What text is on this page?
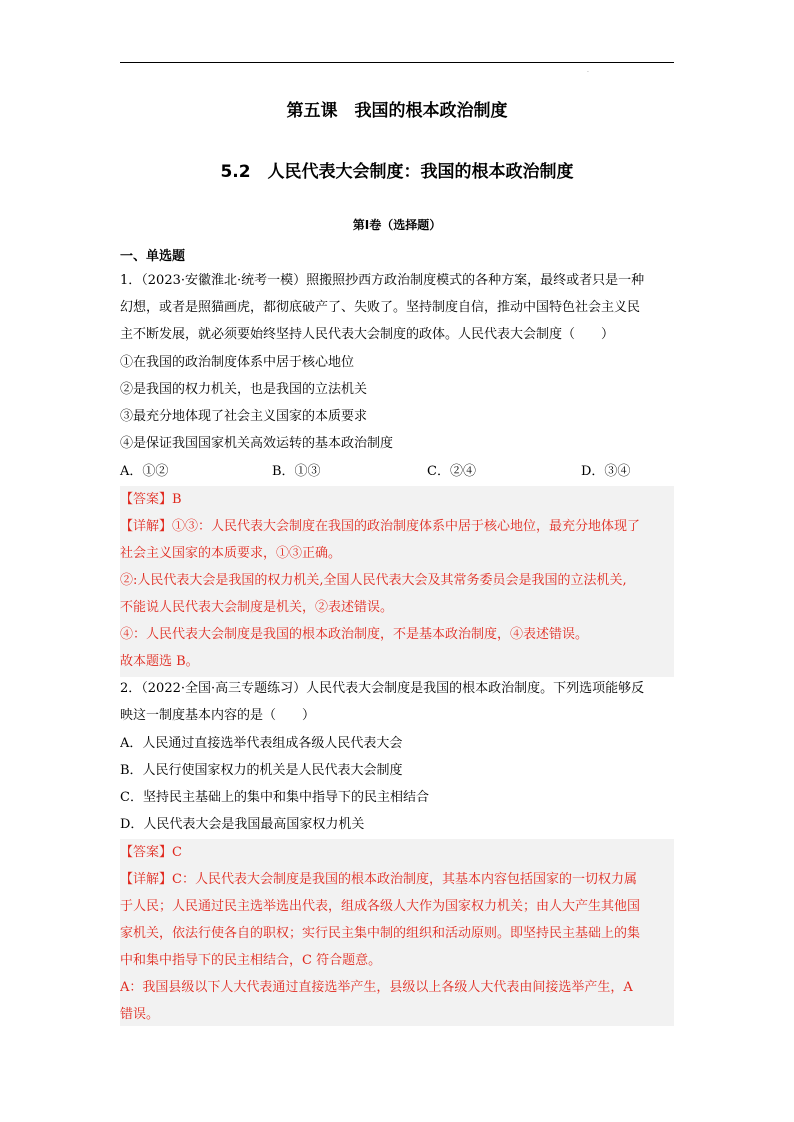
.
第五课　我国的根本政治制度
5.2　人民代表大会制度：我国的根本政治制度
第Ⅰ卷（选择题）
一、单选题
1．（2023·安徽淮北·统考一模）照搬照抄西方政治制度模式的各种方案，最终或者只是一种
幻想，或者是照猫画虎，都彻底破产了、失败了。坚持制度自信，推动中国特色社会主义民
主不断发展，就必须要始终坚持人民代表大会制度的政体。人民代表大会制度（　　）
①在我国的政治制度体系中居于核心地位
②是我国的权力机关，也是我国的立法机关
③最充分地体现了社会主义国家的本质要求
④是保证我国国家机关高效运转的基本政治制度
A．①②	B．①③	C．②④	D．③④
【答案】B
【详解】①③：人民代表大会制度在我国的政治制度体系中居于核心地位，最充分地体现了
社会主义国家的本质要求，①③正确。
②:人民代表大会是我国的权力机关,全国人民代表大会及其常务委员会是我国的立法机关,
不能说人民代表大会制度是机关，②表述错误。
④：人民代表大会制度是我国的根本政治制度，不是基本政治制度，④表述错误。
故本题选 B。
2．（2022·全国·高三专题练习）人民代表大会制度是我国的根本政治制度。下列选项能够反
映这一制度基本内容的是（　　）
A．人民通过直接选举代表组成各级人民代表大会
B．人民行使国家权力的机关是人民代表大会制度
C．坚持民主基础上的集中和集中指导下的民主相结合
D．人民代表大会是我国最高国家权力机关
【答案】C
【详解】C：人民代表大会制度是我国的根本政治制度，其基本内容包括国家的一切权力属
于人民；人民通过民主选举选出代表，组成各级人大作为国家权力机关；由人大产生其他国
家机关，依法行使各自的职权；实行民主集中制的组织和活动原则。即坚持民主基础上的集
中和集中指导下的民主相结合，C 符合题意。
A：我国县级以下人大代表通过直接选举产生，县级以上各级人大代表由间接选举产生，A
错误。
